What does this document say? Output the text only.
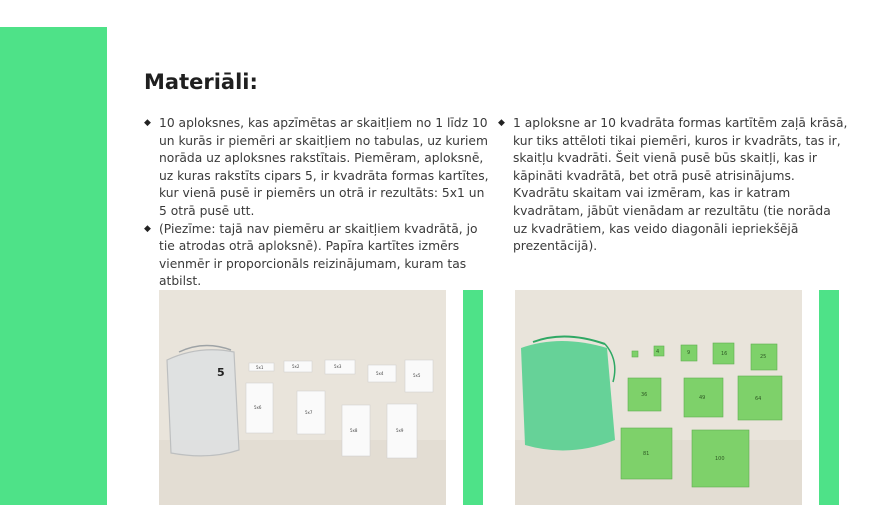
Materiāli:
◆ 10 aploksnes, kas apzīmētas ar skaitļiem no 1 līdz 10 un kurās ir piemēri ar skaitļiem no tabulas, uz kuriem norāda uz aploksnes rakstītais. Piemēram, aploksnē, uz kuras rakstīts cipars 5, ir kvadrāta formas kartītes, kur vienā pusē ir piemērs un otrā ir rezultāts: 5x1 un 5 otrā pusē utt.
◆ (Piezīme: tajā nav piemēru ar skaitļiem kvadrātā, jo tie atrodas otrā aploksnē). Papīra kartītes izmērs vienmēr ir proporcionāls reizinājumam, kuram tas atbilst.
◆ 1 aploksne ar 10 kvadrāta formas kartītēm zaļā krāsā, kur tiks attēloti tikai piemēri, kuros ir kvadrāts, tas ir, skaitļu kvadrāti. Šeit vienā pusē būs skaitļi, kas ir kāpināti kvadrātā, bet otrā pusē atrisinājums. Kvadrātu skaitam vai izmēram, kas ir katram kvadrātam, jābūt vienādam ar rezultātu (tie norāda uz kvadrātiem, kas veido diagonāli iepriekšējā prezentācijā).
5	5x1	5x2	5x3
5x4	5x5
5x6
5x7
5x8	5x9
4	9	16	25
36	49	64
81
100
